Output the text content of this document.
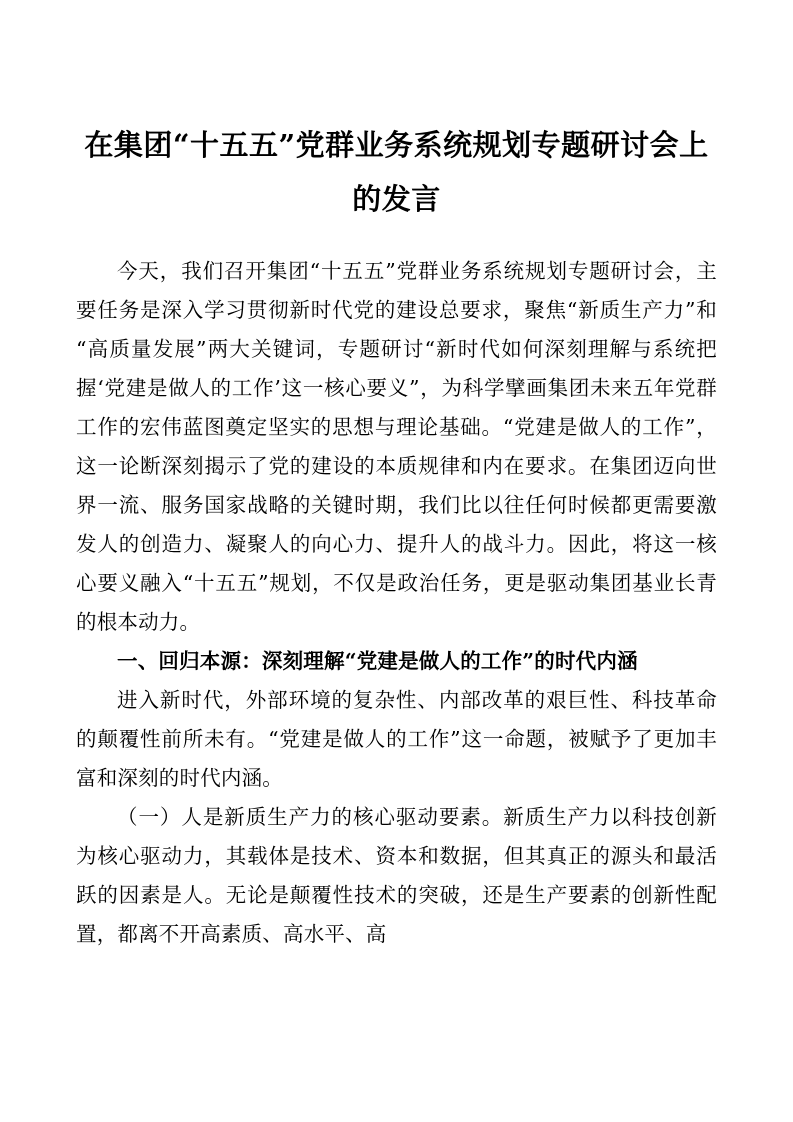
在集团“十五五”党群业务系统规划专题研讨会上的发言

今天，我们召开集团“十五五”党群业务系统规划专题研讨会，主要任务是深入学习贯彻新时代党的建设总要求，聚焦“新质生产力”和“高质量发展”两大关键词，专题研讨“新时代如何深刻理解与系统把握‘党建是做人的工作’这一核心要义”，为科学擘画集团未来五年党群工作的宏伟蓝图奠定坚实的思想与理论基础。“党建是做人的工作”，这一论断深刻揭示了党的建设的本质规律和内在要求。在集团迈向世界一流、服务国家战略的关键时期，我们比以往任何时候都更需要激发人的创造力、凝聚人的向心力、提升人的战斗力。因此，将这一核心要义融入“十五五”规划，不仅是政治任务，更是驱动集团基业长青的根本动力。

一、回归本源：深刻理解“党建是做人的工作”的时代内涵

进入新时代，外部环境的复杂性、内部改革的艰巨性、科技革命的颠覆性前所未有。“党建是做人的工作”这一命题，被赋予了更加丰富和深刻的时代内涵。

（一）人是新质生产力的核心驱动要素。新质生产力以科技创新为核心驱动力，其载体是技术、资本和数据，但其真正的源头和最活跃的因素是人。无论是颠覆性技术的突破，还是生产要素的创新性配置，都离不开高素质、高水平、高
